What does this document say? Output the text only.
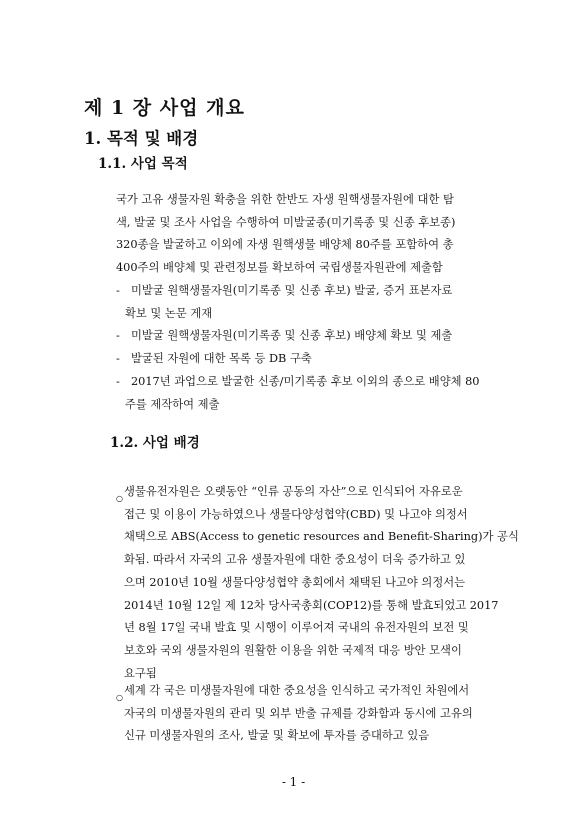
제 1 장 사업 개요
1. 목적 및 배경
1.1. 사업 목적
국가 고유 생물자원 확충을 위한 한반도 자생 원핵생물자원에 대한 탐
색, 발굴 및 조사 사업을 수행하여 미발굴종(미기록종 및 신종 후보종)
320종을 발굴하고 이외에 자생 원핵생물 배양체 80주를 포함하여 총
400주의 배양체 및 관련정보를 확보하여 국립생물자원관에 제출함
- 미발굴 원핵생물자원(미기록종 및 신종 후보) 발굴, 증거 표본자료
확보 및 논문 게재
- 미발굴 원핵생물자원(미기록종 및 신종 후보) 배양체 확보 및 제출
- 발굴된 자원에 대한 목록 등 DB 구축
- 2017년 과업으로 발굴한 신종/미기록종 후보 이외의 종으로 배양체 80
주를 제작하여 제출
1.2. 사업 배경
○
생물유전자원은 오랫동안 “인류 공동의 자산”으로 인식되어 자유로운
접근 및 이용이 가능하였으나 생물다양성협약(CBD) 및 나고야 의정서
채택으로 ABS(Access to genetic resources and Benefit-Sharing)가 공식
화됨. 따라서 자국의 고유 생물자원에 대한 중요성이 더욱 증가하고 있
으며 2010년 10월 생물다양성협약 총회에서 채택된 나고야 의정서는
2014년 10월 12일 제 12차 당사국총회(COP12)를 통해 발효되었고 2017
년 8월 17일 국내 발효 및 시행이 이루어져 국내의 유전자원의 보전 및
보호와 국외 생물자원의 원활한 이용을 위한 국제적 대응 방안 모색이
요구됨
○
세계 각 국은 미생물자원에 대한 중요성을 인식하고 국가적인 차원에서
자국의 미생물자원의 관리 및 외부 반출 규제를 강화함과 동시에 고유의
신규 미생물자원의 조사, 발굴 및 확보에 투자를 증대하고 있음
- 1 -
